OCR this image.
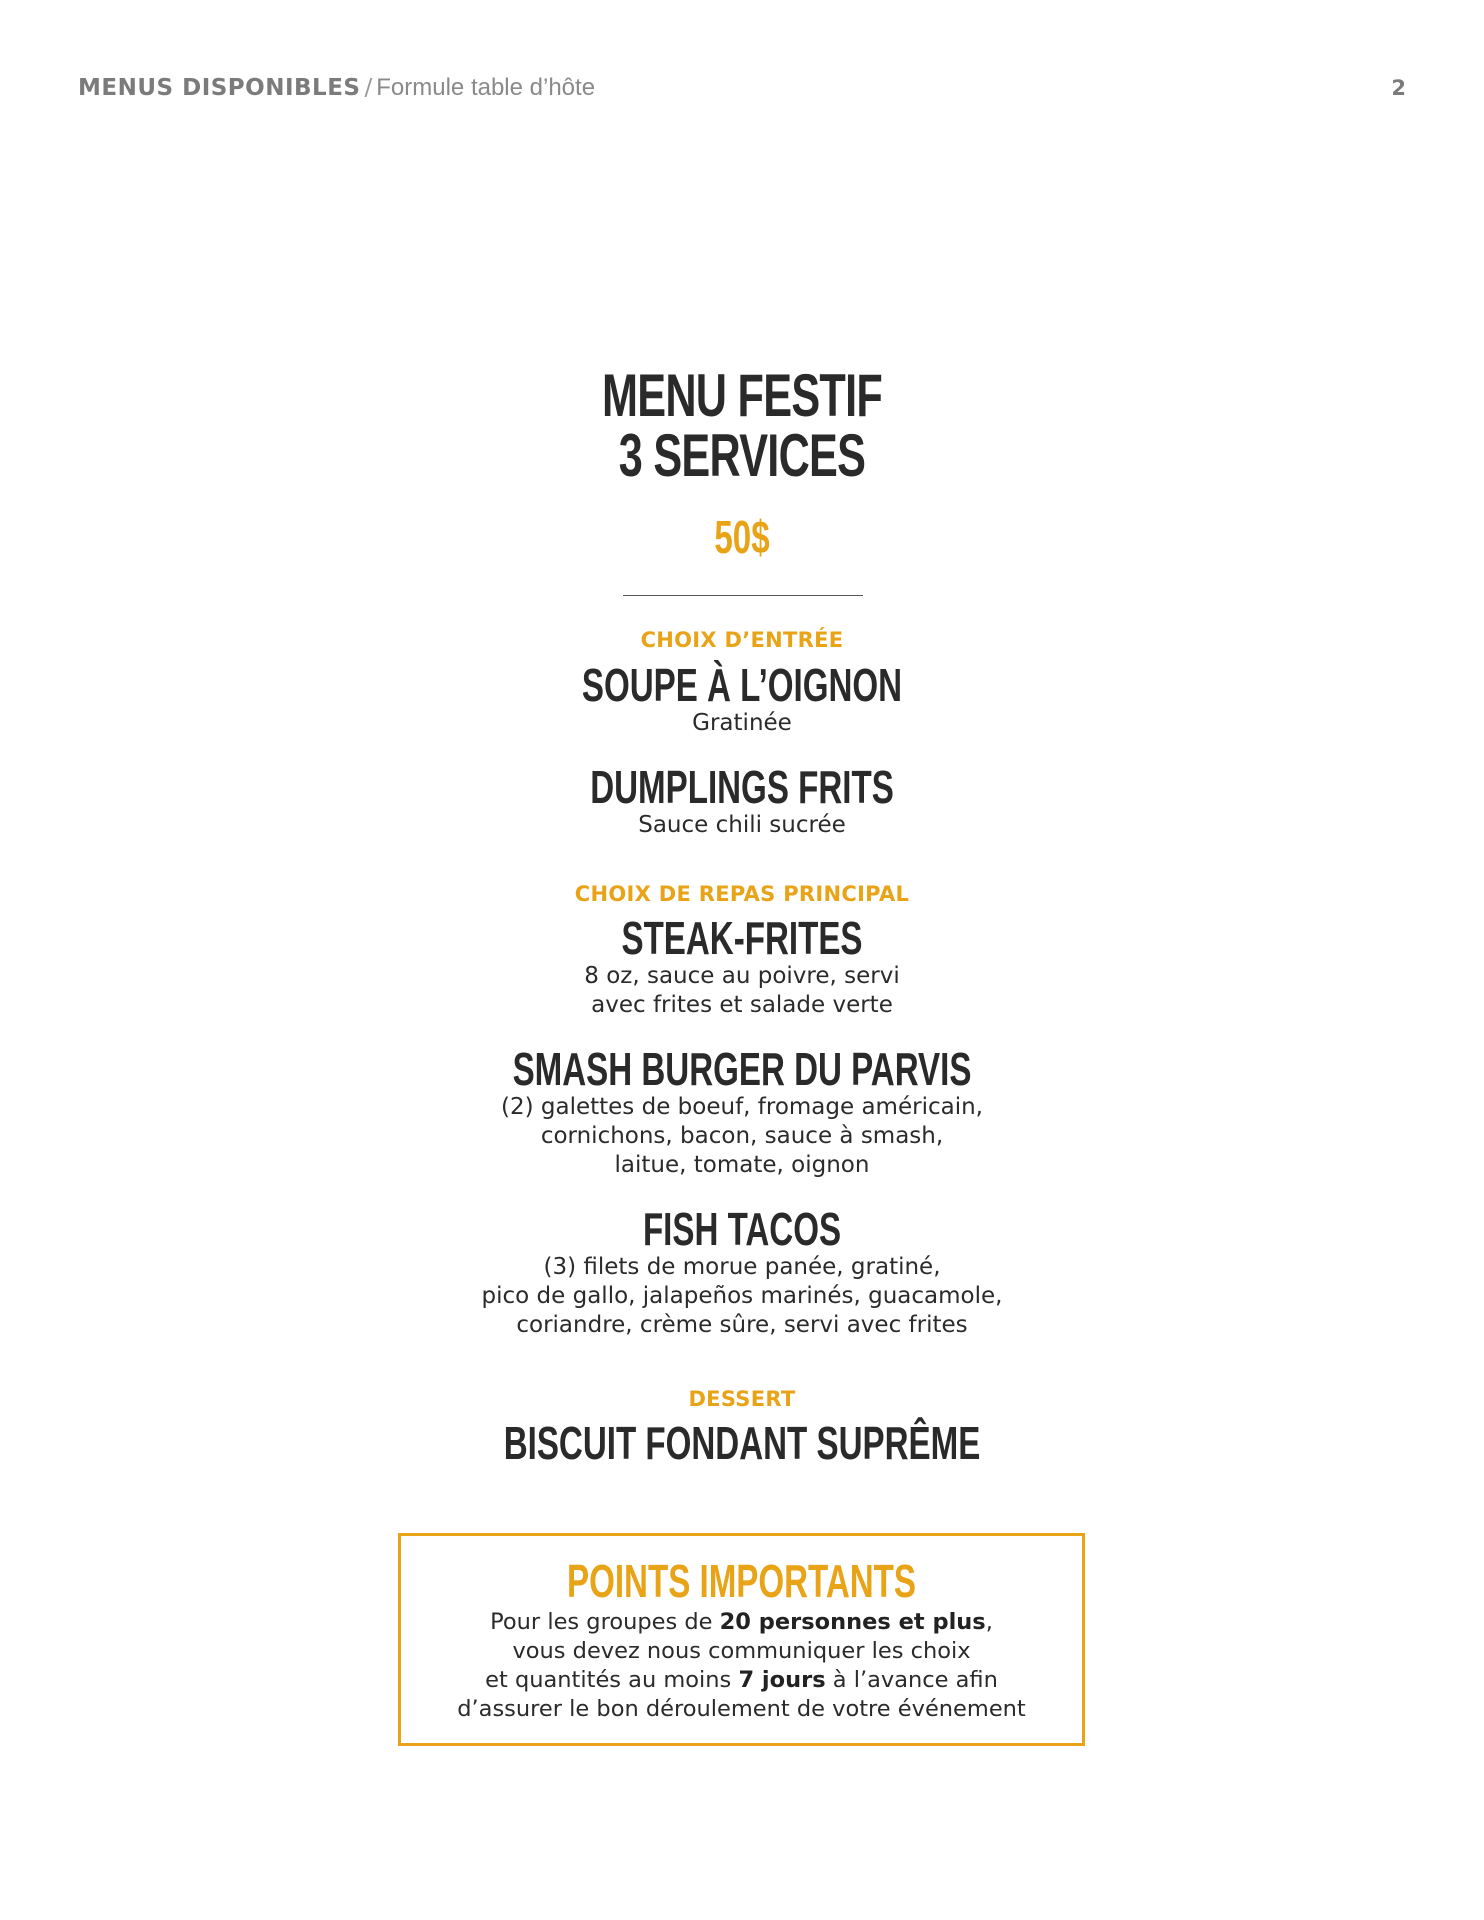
MENUS DISPONIBLES / Formule table d’hôte	2
MENU FESTIF
3 SERVICES
50$
CHOIX D’ENTRÉE
SOUPE À L’OIGNON
Gratinée
DUMPLINGS FRITS
Sauce chili sucrée
CHOIX DE REPAS PRINCIPAL
STEAK-FRITES
8 oz, sauce au poivre, servi
avec frites et salade verte
SMASH BURGER DU PARVIS
(2) galettes de boeuf, fromage américain,
cornichons, bacon, sauce à smash,
laitue, tomate, oignon
FISH TACOS
(3) filets de morue panée, gratiné,
pico de gallo, jalapeños marinés, guacamole,
coriandre, crème sûre, servi avec frites
DESSERT
BISCUIT FONDANT SUPRÊME
POINTS IMPORTANTS
Pour les groupes de 20 personnes et plus,
vous devez nous communiquer les choix
et quantités au moins 7 jours à l’avance afin
d’assurer le bon déroulement de votre événement
